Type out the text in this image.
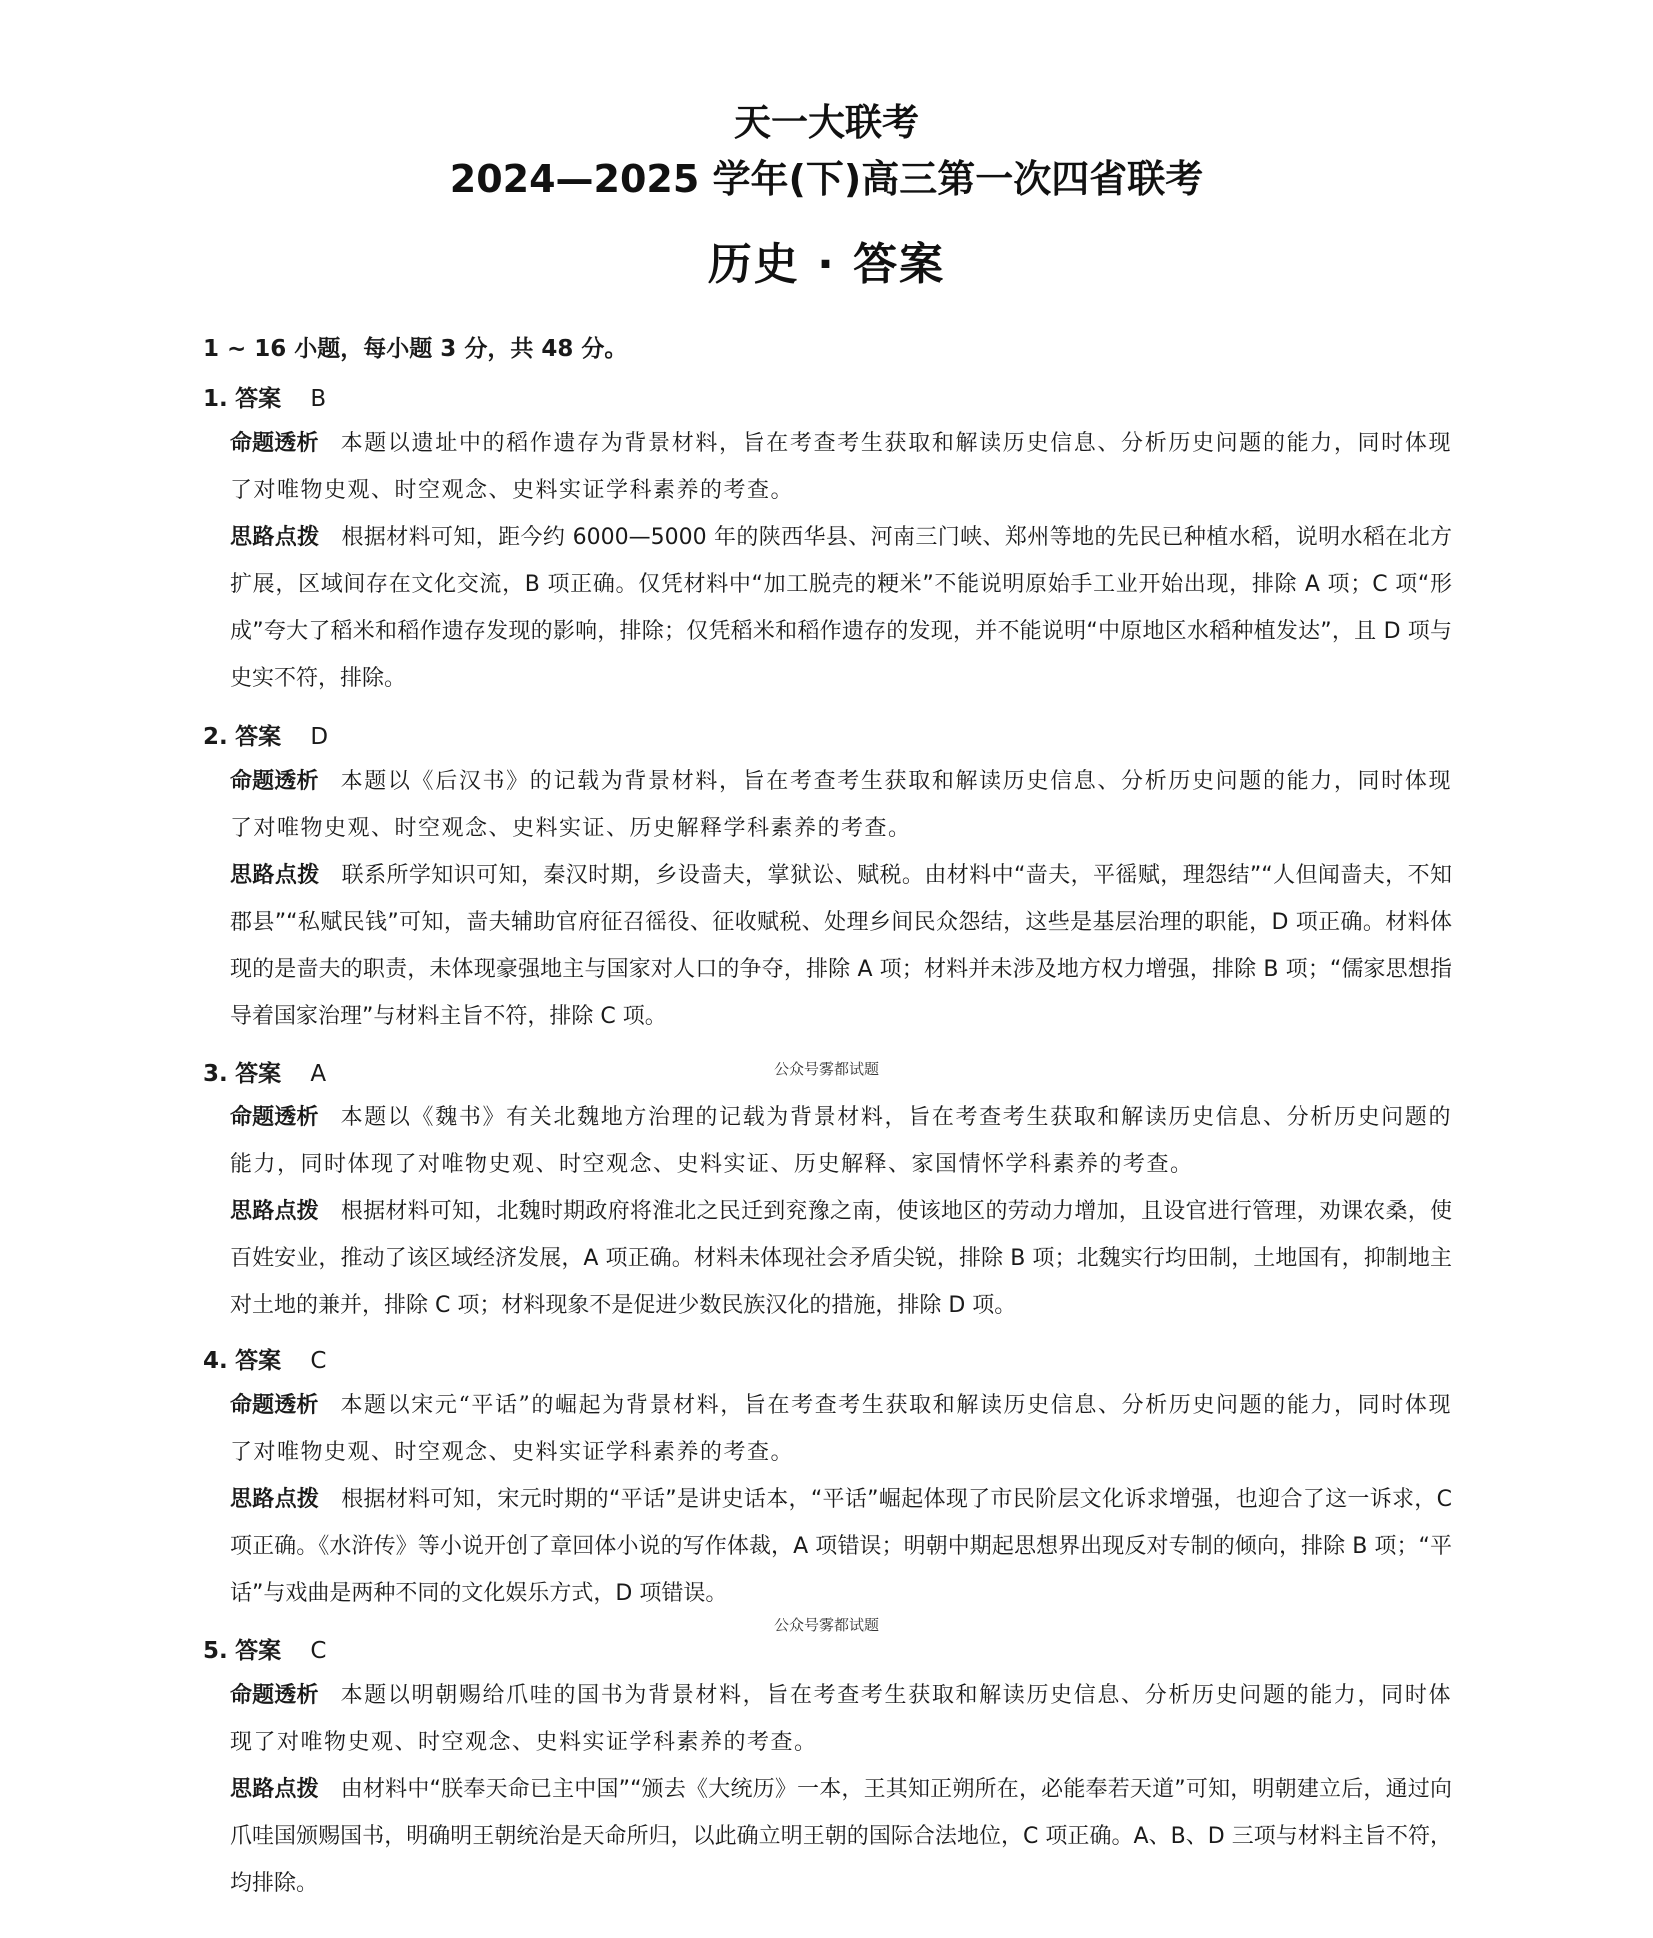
天一大联考
2024—2025 学年(下)高三第一次四省联考
历史 · 答案
1 ~ 16 小题，每小题 3 分，共 48 分。
1. 答案 B
命题透析 本题以遗址中的稻作遗存为背景材料，旨在考查考生获取和解读历史信息、分析历史问题的能力，同时体现了对唯物史观、时空观念、史料实证学科素养的考查。
思路点拨 根据材料可知，距今约 6000—5000 年的陕西华县、河南三门峡、郑州等地的先民已种植水稻，说明水稻在北方扩展，区域间存在文化交流，B 项正确。仅凭材料中“加工脱壳的粳米”不能说明原始手工业开始出现，排除 A 项；C 项“形成”夸大了稻米和稻作遗存发现的影响，排除；仅凭稻米和稻作遗存的发现，并不能说明“中原地区水稻种植发达”，且 D 项与史实不符，排除。
2. 答案 D
命题透析 本题以《后汉书》的记载为背景材料，旨在考查考生获取和解读历史信息、分析历史问题的能力，同时体现了对唯物史观、时空观念、史料实证、历史解释学科素养的考查。
思路点拨 联系所学知识可知，秦汉时期，乡设啬夫，掌狱讼、赋税。由材料中“啬夫，平徭赋，理怨结”“人但闻啬夫，不知郡县”“私赋民钱”可知，啬夫辅助官府征召徭役、征收赋税、处理乡间民众怨结，这些是基层治理的职能，D 项正确。材料体现的是啬夫的职责，未体现豪强地主与国家对人口的争夺，排除 A 项；材料并未涉及地方权力增强，排除 B 项；“儒家思想指导着国家治理”与材料主旨不符，排除 C 项。
3. 答案 A	公众号雾都试题
命题透析 本题以《魏书》有关北魏地方治理的记载为背景材料，旨在考查考生获取和解读历史信息、分析历史问题的能力，同时体现了对唯物史观、时空观念、史料实证、历史解释、家国情怀学科素养的考查。
思路点拨 根据材料可知，北魏时期政府将淮北之民迁到兖豫之南，使该地区的劳动力增加，且设官进行管理，劝课农桑，使百姓安业，推动了该区域经济发展，A 项正确。材料未体现社会矛盾尖锐，排除 B 项；北魏实行均田制，土地国有，抑制地主对土地的兼并，排除 C 项；材料现象不是促进少数民族汉化的措施，排除 D 项。
4. 答案 C
命题透析 本题以宋元“平话”的崛起为背景材料，旨在考查考生获取和解读历史信息、分析历史问题的能力，同时体现了对唯物史观、时空观念、史料实证学科素养的考查。
思路点拨 根据材料可知，宋元时期的“平话”是讲史话本，“平话”崛起体现了市民阶层文化诉求增强，也迎合了这一诉求，C 项正确。《水浒传》等小说开创了章回体小说的写作体裁，A 项错误；明朝中期起思想界出现反对专制的倾向，排除 B 项；“平话”与戏曲是两种不同的文化娱乐方式，D 项错误。
公众号雾都试题
5. 答案 C
命题透析 本题以明朝赐给爪哇的国书为背景材料，旨在考查考生获取和解读历史信息、分析历史问题的能力，同时体现了对唯物史观、时空观念、史料实证学科素养的考查。
思路点拨 由材料中“朕奉天命已主中国”“颁去《大统历》一本，王其知正朔所在，必能奉若天道”可知，明朝建立后，通过向爪哇国颁赐国书，明确明王朝统治是天命所归，以此确立明王朝的国际合法地位，C 项正确。A、B、D 三项与材料主旨不符，均排除。
